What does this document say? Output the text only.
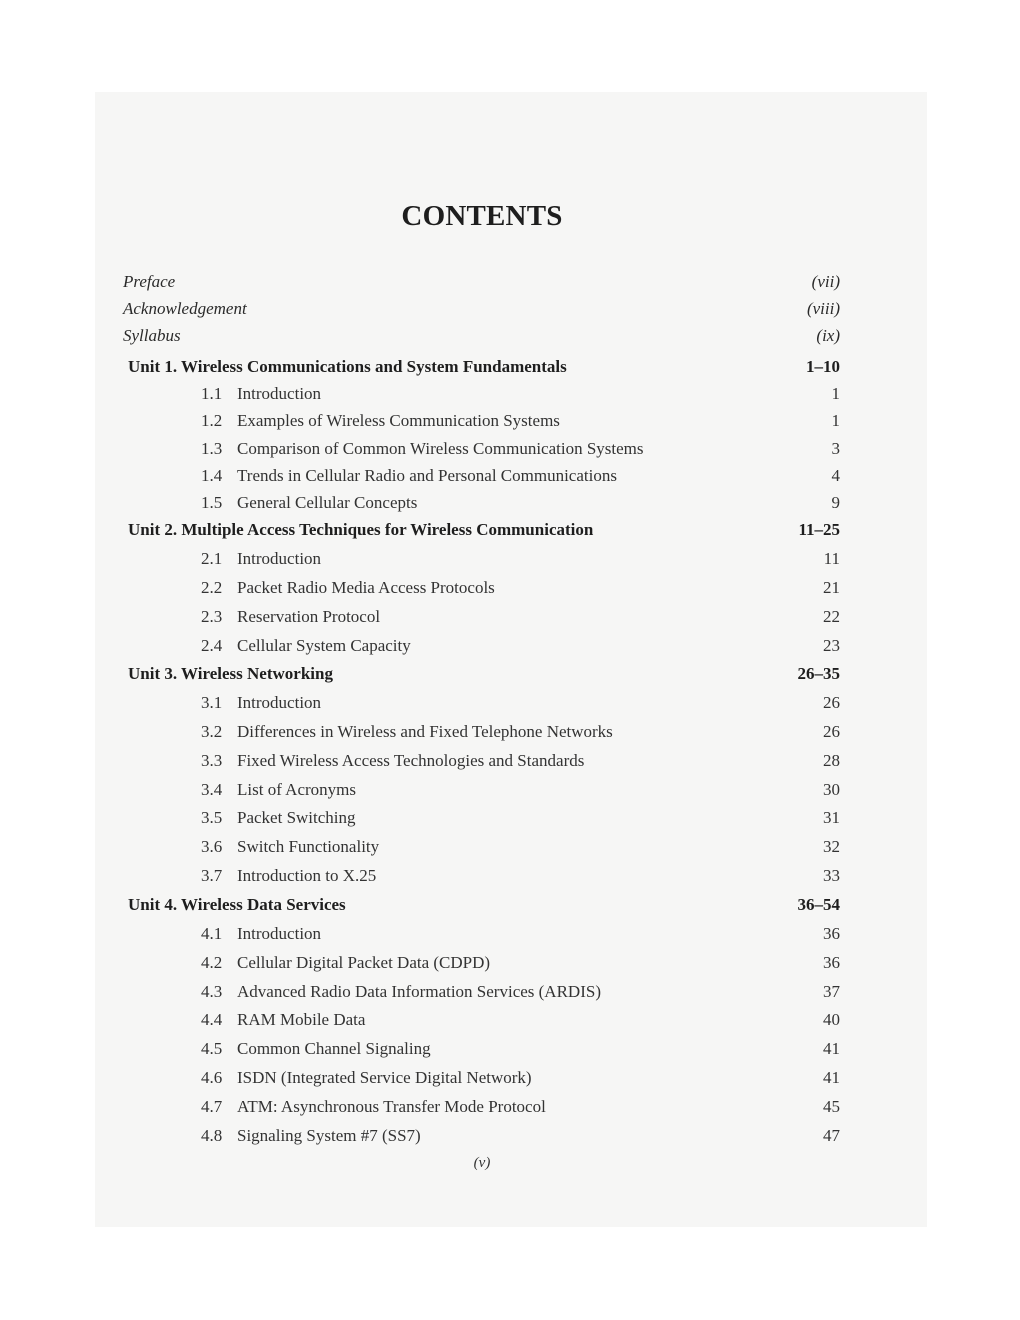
CONTENTS
Preface	(vii)
Acknowledgement	(viii)
Syllabus	(ix)
Unit 1. Wireless Communications and System Fundamentals	1–10
1.1 Introduction	1
1.2 Examples of Wireless Communication Systems	1
1.3 Comparison of Common Wireless Communication Systems	3
1.4 Trends in Cellular Radio and Personal Communications	4
1.5 General Cellular Concepts	9
Unit 2. Multiple Access Techniques for Wireless Communication	11–25
2.1 Introduction	11
2.2 Packet Radio Media Access Protocols	21
2.3 Reservation Protocol	22
2.4 Cellular System Capacity	23
Unit 3. Wireless Networking	26–35
3.1 Introduction	26
3.2 Differences in Wireless and Fixed Telephone Networks	26
3.3 Fixed Wireless Access Technologies and Standards	28
3.4 List of Acronyms	30
3.5 Packet Switching	31
3.6 Switch Functionality	32
3.7 Introduction to X.25	33
Unit 4. Wireless Data Services	36–54
4.1 Introduction	36
4.2 Cellular Digital Packet Data (CDPD)	36
4.3 Advanced Radio Data Information Services (ARDIS)	37
4.4 RAM Mobile Data	40
4.5 Common Channel Signaling	41
4.6 ISDN (Integrated Service Digital Network)	41
4.7 ATM: Asynchronous Transfer Mode Protocol	45
4.8 Signaling System #7 (SS7)	47
(v)
